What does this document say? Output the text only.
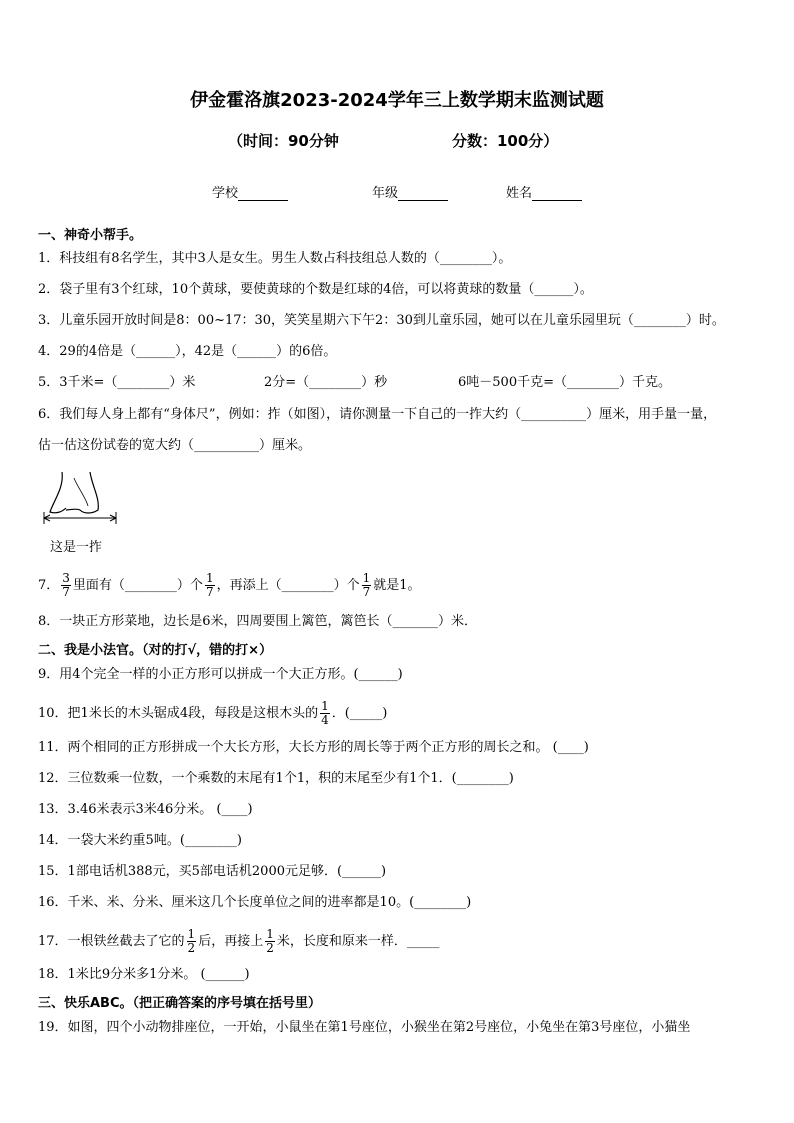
伊金霍洛旗2023-2024学年三上数学期末监测试题
（时间：90分钟	分数：100分）
学校	年级	姓名
一、神奇小帮手。
1．科技组有8名学生，其中3人是女生。男生人数占科技组总人数的（________）。
2．袋子里有3个红球，10个黄球，要使黄球的个数是红球的4倍，可以将黄球的数量（______）。
3．儿童乐园开放时间是8：00~17：30，笑笑星期六下午2：30到儿童乐园，她可以在儿童乐园里玩（________）时。
4．29的4倍是（______），42是（______）的6倍。
5．3千米=（________）米	2分=（________）秒	6吨－500千克=（________）千克。
6．我们每人身上都有“身体尺”，例如：拃（如图），请你测量一下自己的一拃大约（__________）厘米，用手量一量，
估一估这份试卷的宽大约（__________）厘米。
这是一拃
7． $\frac{3}{7}$ 里面有（________）个 $\frac{1}{7}$ ，再添上（________）个 $\frac{1}{7}$ 就是1。
8．一块正方形菜地，边长是6米，四周要围上篱笆，篱笆长（_______）米．
二、我是小法官。（对的打√，错的打×）
9．用4个完全一样的小正方形可以拼成一个大正方形。(______)
10．把1米长的木头锯成4段，每段是这根木头的 $\frac{1}{4}$ ．(_____)
11．两个相同的正方形拼成一个大长方形，大长方形的周长等于两个正方形的周长之和。 (____)
12．三位数乘一位数，一个乘数的末尾有1个1，积的末尾至少有1个1．(________)
13．3.46米表示3米46分米。 (____)
14．一袋大米约重5吨。(________)
15．1部电话机388元，买5部电话机2000元足够．(______)
16．千米、米、分米、厘米这几个长度单位之间的进率都是10。(________)
17．一根铁丝截去了它的 $\frac{1}{2}$ 后，再接上 $\frac{1}{2}$ 米，长度和原来一样．_____
18．1米比9分米多1分米。 (______)
三、快乐ABC。（把正确答案的序号填在括号里）
19．如图，四个小动物排座位，一开始，小鼠坐在第1号座位，小猴坐在第2号座位，小兔坐在第3号座位，小猫坐
